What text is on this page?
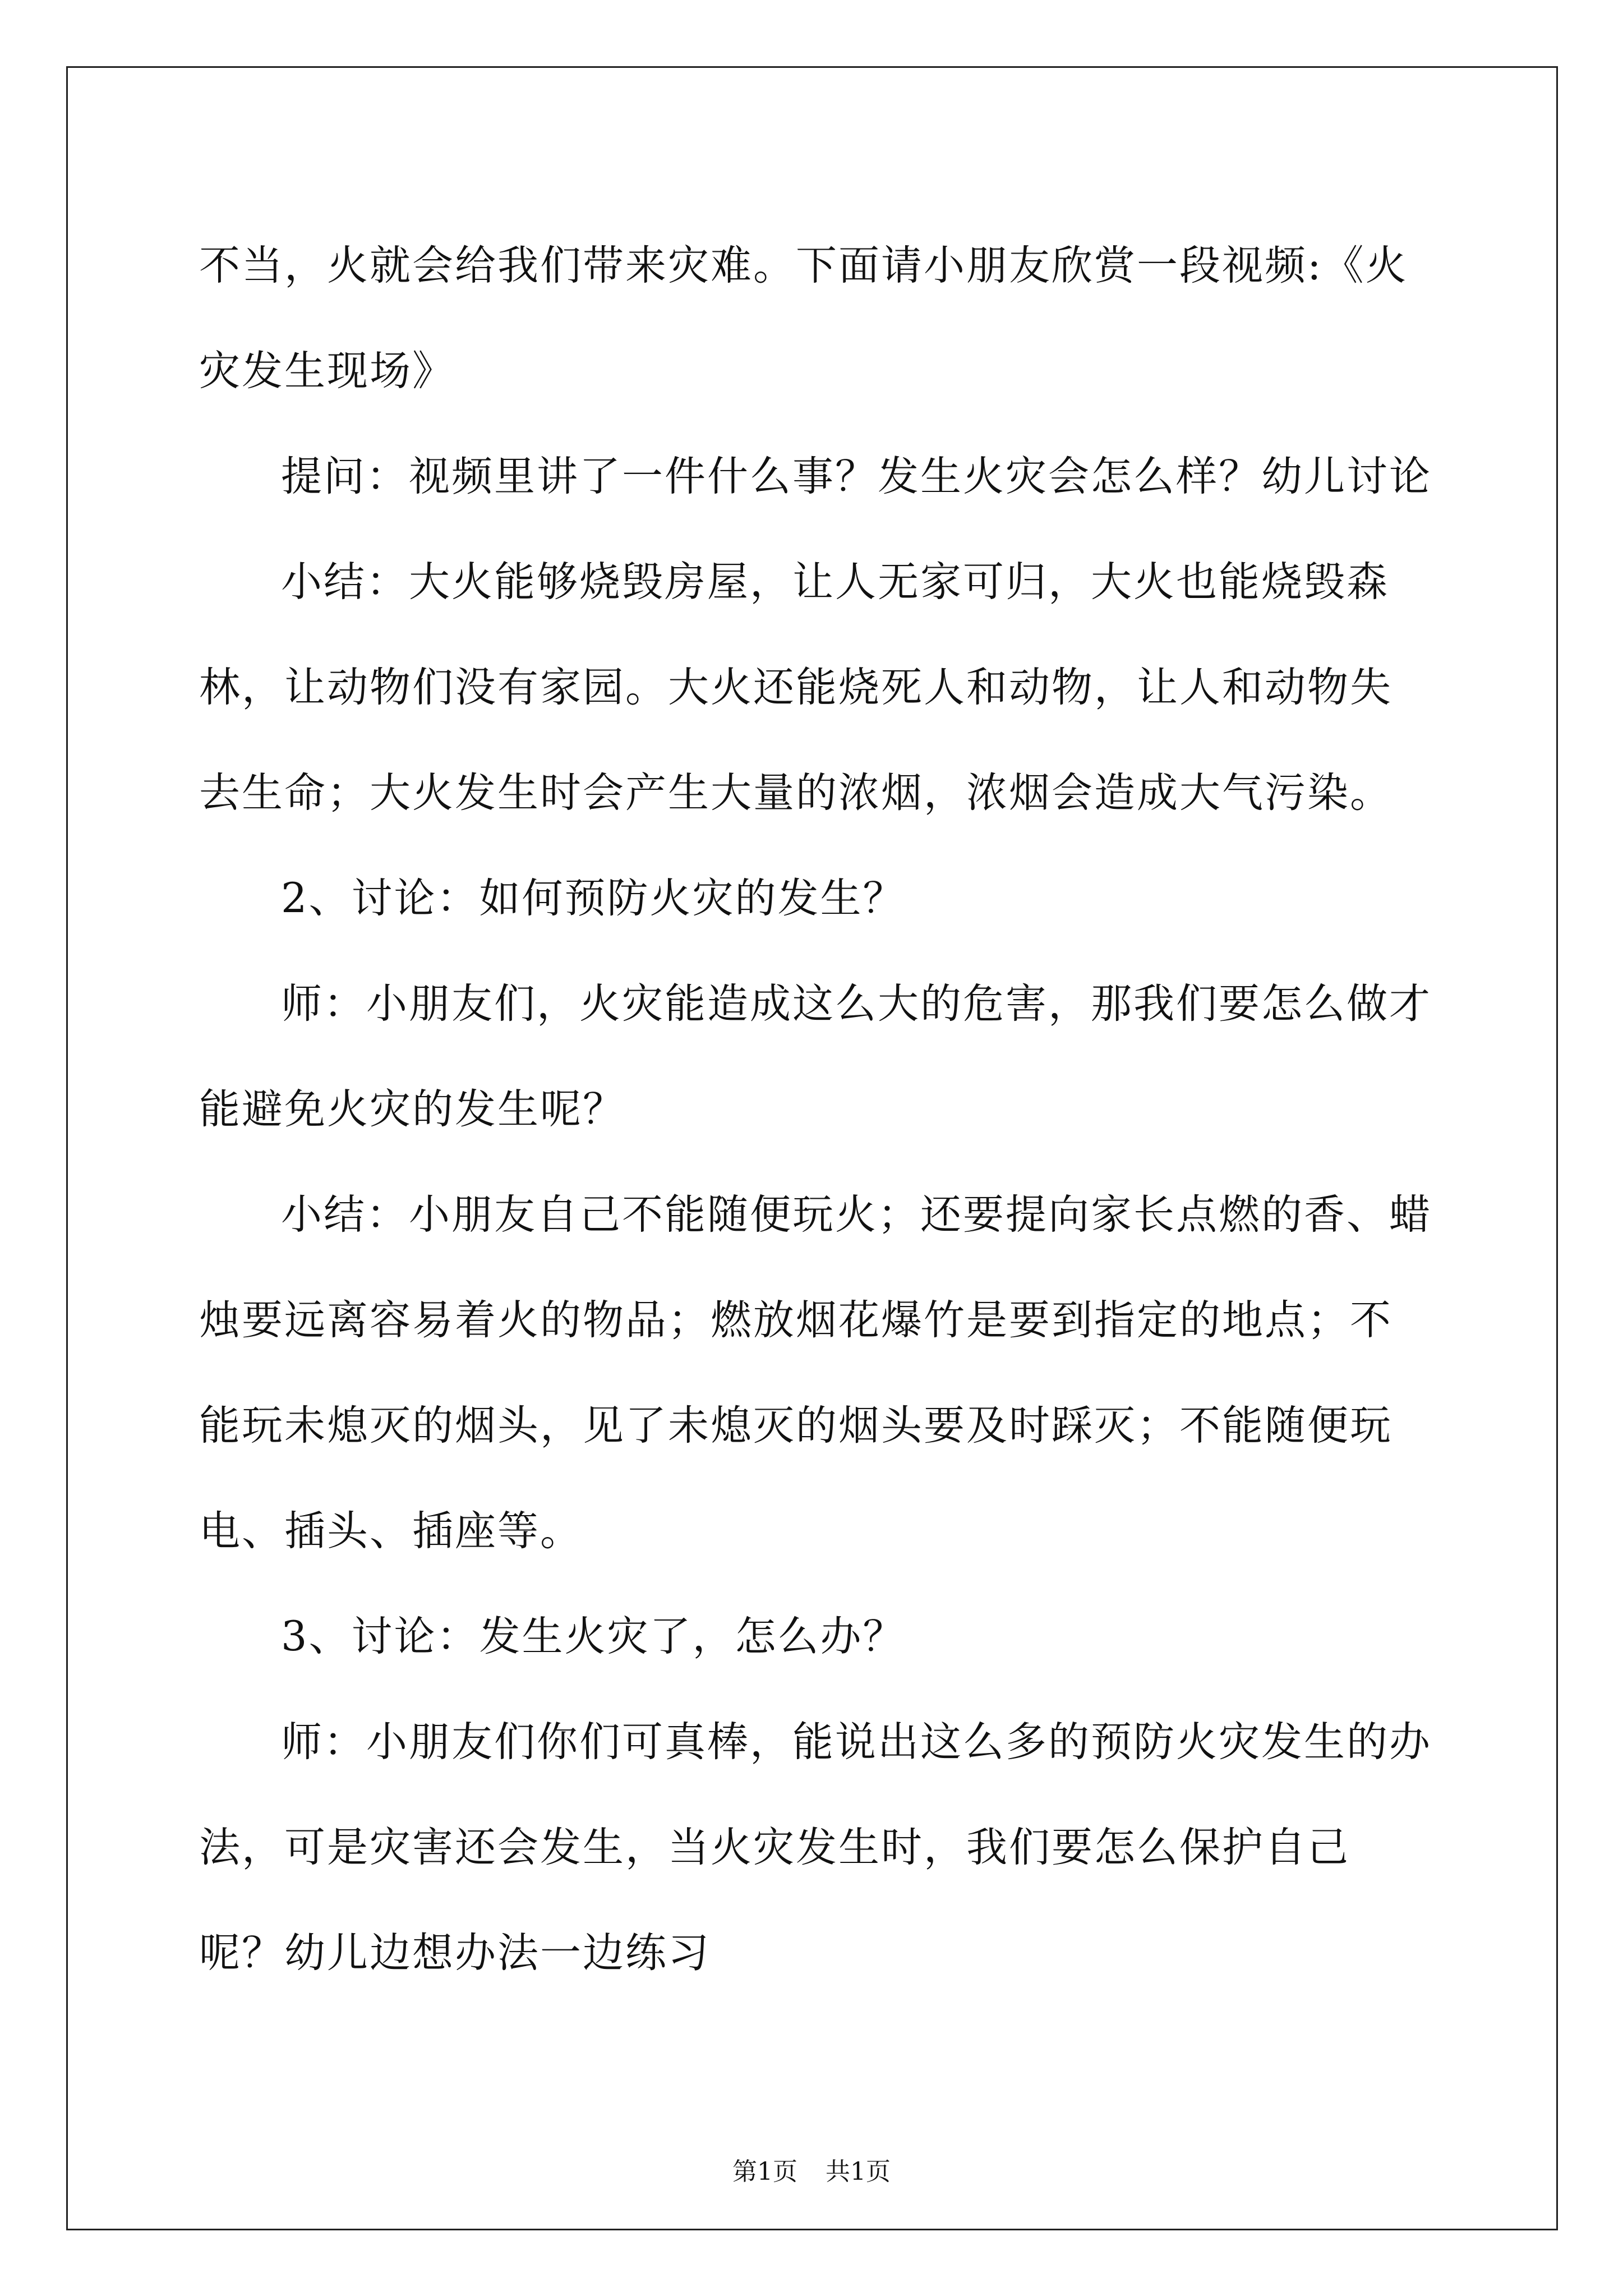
不当，火就会给我们带来灾难。下面请小朋友欣赏一段视频:《火灾发生现场》

提问：视频里讲了一件什么事？发生火灾会怎么样？幼儿讨论

小结：大火能够烧毁房屋，让人无家可归，大火也能烧毁森林，让动物们没有家园。大火还能烧死人和动物，让人和动物失去生命；大火发生时会产生大量的浓烟，浓烟会造成大气污染。

2、讨论：如何预防火灾的发生？

师：小朋友们，火灾能造成这么大的危害，那我们要怎么做才能避免火灾的发生呢？

小结：小朋友自己不能随便玩火；还要提向家长点燃的香、蜡烛要远离容易着火的物品；燃放烟花爆竹是要到指定的地点；不能玩未熄灭的烟头，见了未熄灭的烟头要及时踩灭；不能随便玩电、插头、插座等。

3、讨论：发生火灾了，怎么办？

师：小朋友们你们可真棒，能说出这么多的预防火灾发生的办法，可是灾害还会发生，当火灾发生时，我们要怎么保护自己呢？幼儿边想办法一边练习

第1页 共1页
